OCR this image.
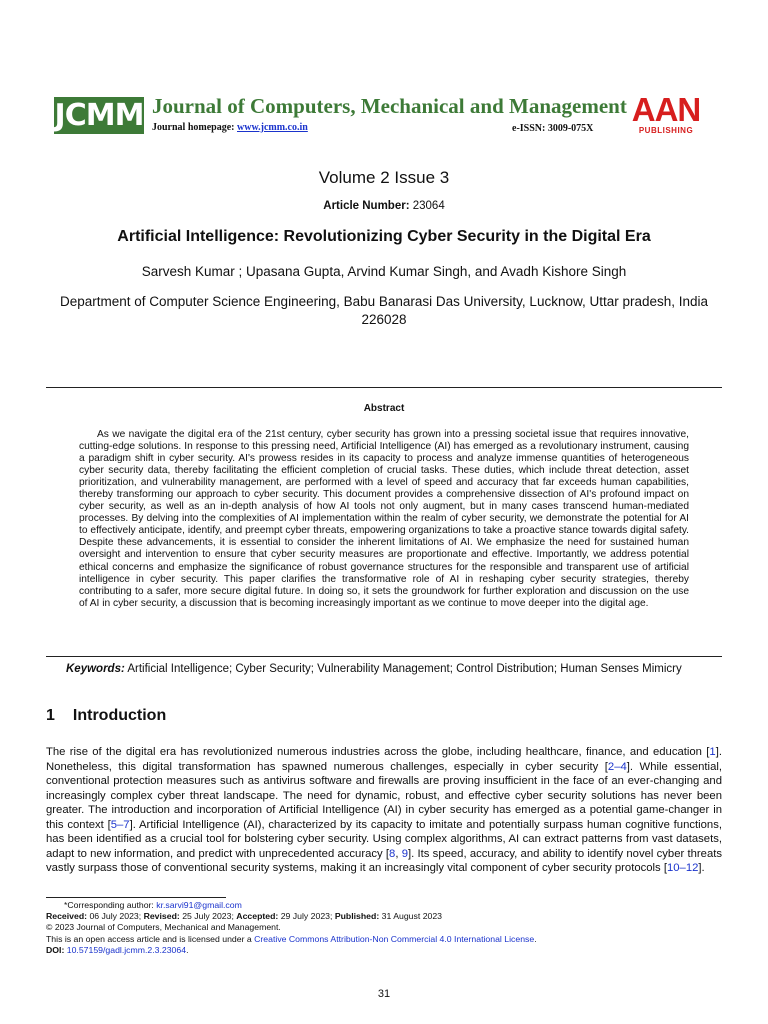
JCMM Journal of Computers, Mechanical and Management
Journal homepage: www.jcmm.co.in	e-ISSN: 3009-075X
AAN
PUBLISHING
Volume 2 Issue 3
Article Number: 23064
Artificial Intelligence: Revolutionizing Cyber Security in the Digital Era
Sarvesh Kumar ; Upasana Gupta, Arvind Kumar Singh, and Avadh Kishore Singh
Department of Computer Science Engineering, Babu Banarasi Das University, Lucknow, Uttar pradesh, India 226028
Abstract
As we navigate the digital era of the 21st century, cyber security has grown into a pressing societal issue that requires innovative, cutting-edge solutions. In response to this pressing need, Artificial Intelligence (AI) has emerged as a revolutionary instrument, causing a paradigm shift in cyber security. AI's prowess resides in its capacity to process and analyze immense quantities of heterogeneous cyber security data, thereby facilitating the efficient completion of crucial tasks. These duties, which include threat detection, asset prioritization, and vulnerability management, are performed with a level of speed and accuracy that far exceeds human capabilities, thereby transforming our approach to cyber security. This document provides a comprehensive dissection of AI's profound impact on cyber security, as well as an in-depth analysis of how AI tools not only augment, but in many cases transcend human-mediated processes. By delving into the complexities of AI implementation within the realm of cyber security, we demonstrate the potential for AI to effectively anticipate, identify, and preempt cyber threats, empowering organizations to take a proactive stance towards digital safety. Despite these advancements, it is essential to consider the inherent limitations of AI. We emphasize the need for sustained human oversight and intervention to ensure that cyber security measures are proportionate and effective. Importantly, we address potential ethical concerns and emphasize the significance of robust governance structures for the responsible and transparent use of artificial intelligence in cyber security. This paper clarifies the transformative role of AI in reshaping cyber security strategies, thereby contributing to a safer, more secure digital future. In doing so, it sets the groundwork for further exploration and discussion on the use of AI in cyber security, a discussion that is becoming increasingly important as we continue to move deeper into the digital age.
Keywords: Artificial Intelligence; Cyber Security; Vulnerability Management; Control Distribution; Human Senses Mimicry
1 Introduction
The rise of the digital era has revolutionized numerous industries across the globe, including healthcare, finance, and education [1]. Nonetheless, this digital transformation has spawned numerous challenges, especially in cyber security [2–4]. While essential, conventional protection measures such as antivirus software and firewalls are proving insufficient in the face of an ever-changing and increasingly complex cyber threat landscape. The need for dynamic, robust, and effective cyber security solutions has never been greater. The introduction and incorporation of Artificial Intelligence (AI) in cyber security has emerged as a potential game-changer in this context [5–7]. Artificial Intelligence (AI), characterized by its capacity to imitate and potentially surpass human cognitive functions, has been identified as a crucial tool for bolstering cyber security. Using complex algorithms, AI can extract patterns from vast datasets, adapt to new information, and predict with unprecedented accuracy [8, 9]. Its speed, accuracy, and ability to identify novel cyber threats vastly surpass those of conventional security systems, making it an increasingly vital component of cyber security protocols [10–12].
*Corresponding author: kr.sarvi91@gmail.com
Received: 06 July 2023; Revised: 25 July 2023; Accepted: 29 July 2023; Published: 31 August 2023
© 2023 Journal of Computers, Mechanical and Management.
This is an open access article and is licensed under a Creative Commons Attribution-Non Commercial 4.0 International License.
DOI: 10.57159/gadl.jcmm.2.3.23064.
31
